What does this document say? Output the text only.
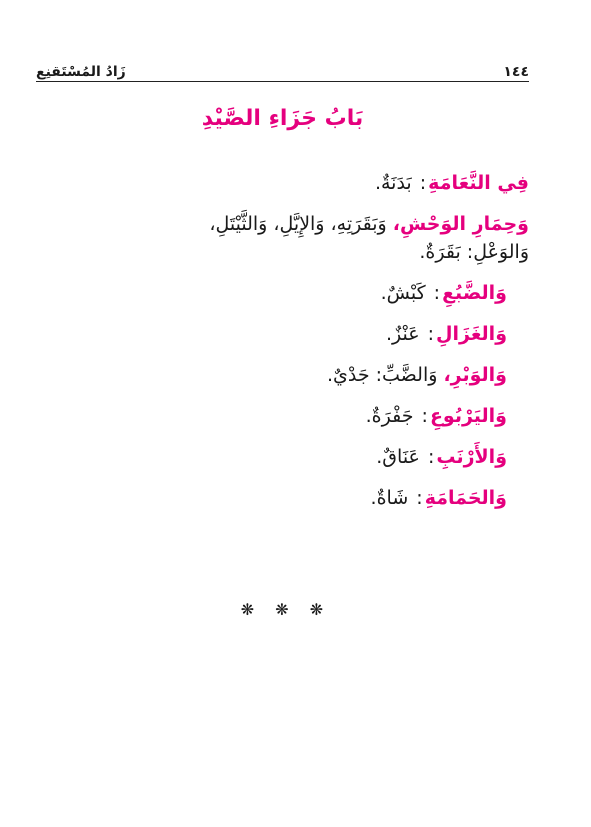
١٤٤
زَادُ المُسْتَقنِع
بَابُ جَزَاءِ الصَّيْدِ
فِي النَّعَامَةِ: بَدَنَةٌ.
وَحِمَارِ الوَحْشِ، وَبَقَرَتِهِ، وَالإِيَّلِ، وَالثَّيْتَلِ،
وَالوَعْلِ: بَقَرَةٌ.
وَالضَّبُعِ: كَبْشٌ.
وَالغَزَالِ: عَنْزٌ.
وَالوَبْرِ، وَالضَّبِّ: جَدْيٌ.
وَاليَرْبُوعِ: جَفْرَةٌ.
وَالأَرْنَبِ: عَنَاقٌ.
وَالحَمَامَةِ: شَاةٌ.
❋ ❋ ❋
